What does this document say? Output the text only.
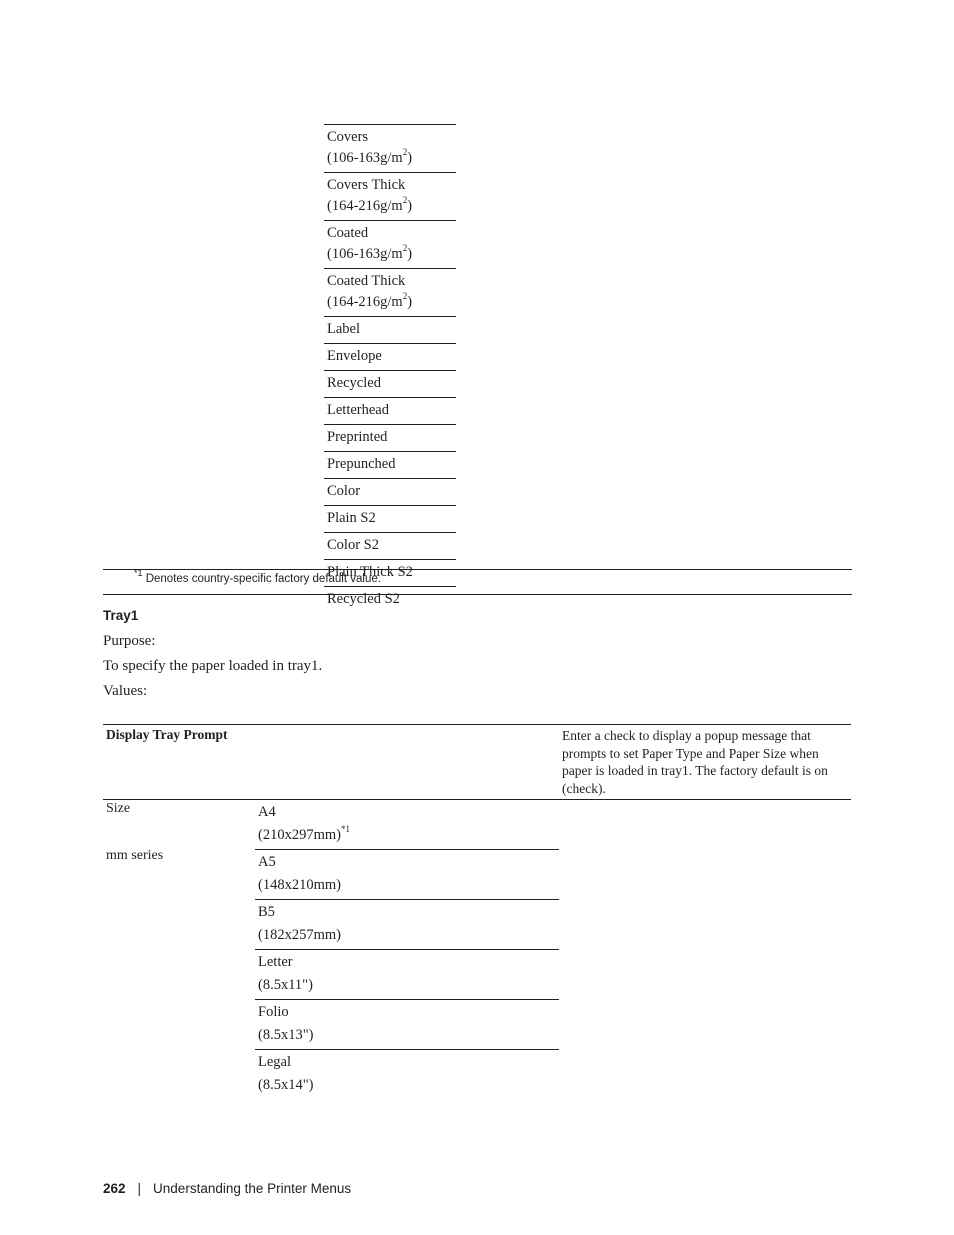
Covers
$(106-163g/m^2)$
Covers Thick
$(164-216g/m^2)$
Coated
$(106-163g/m^2)$
Coated Thick
$(164-216g/m^2)$
Label
Envelope
Recycled
Letterhead
Preprinted
Prepunched
Color
Plain S2
Color S2
Plain Thick S2
Recycled S2
$^{*1}$ Denotes country-specific factory default value.
Tray1
Purpose:
To specify the paper loaded in tray1.
Values:
Display Tray Prompt	Enter a check to display a popup message that prompts to set Paper Type and Paper Size when paper is loaded in tray1. The factory default is on (check).
Size
mm series
A4
$(210x297mm)^{*1}$
A5
(148x210mm)
B5
(182x257mm)
Letter
(8.5x11")
Folio
(8.5x13")
Legal
(8.5x14")
262 | Understanding the Printer Menus
